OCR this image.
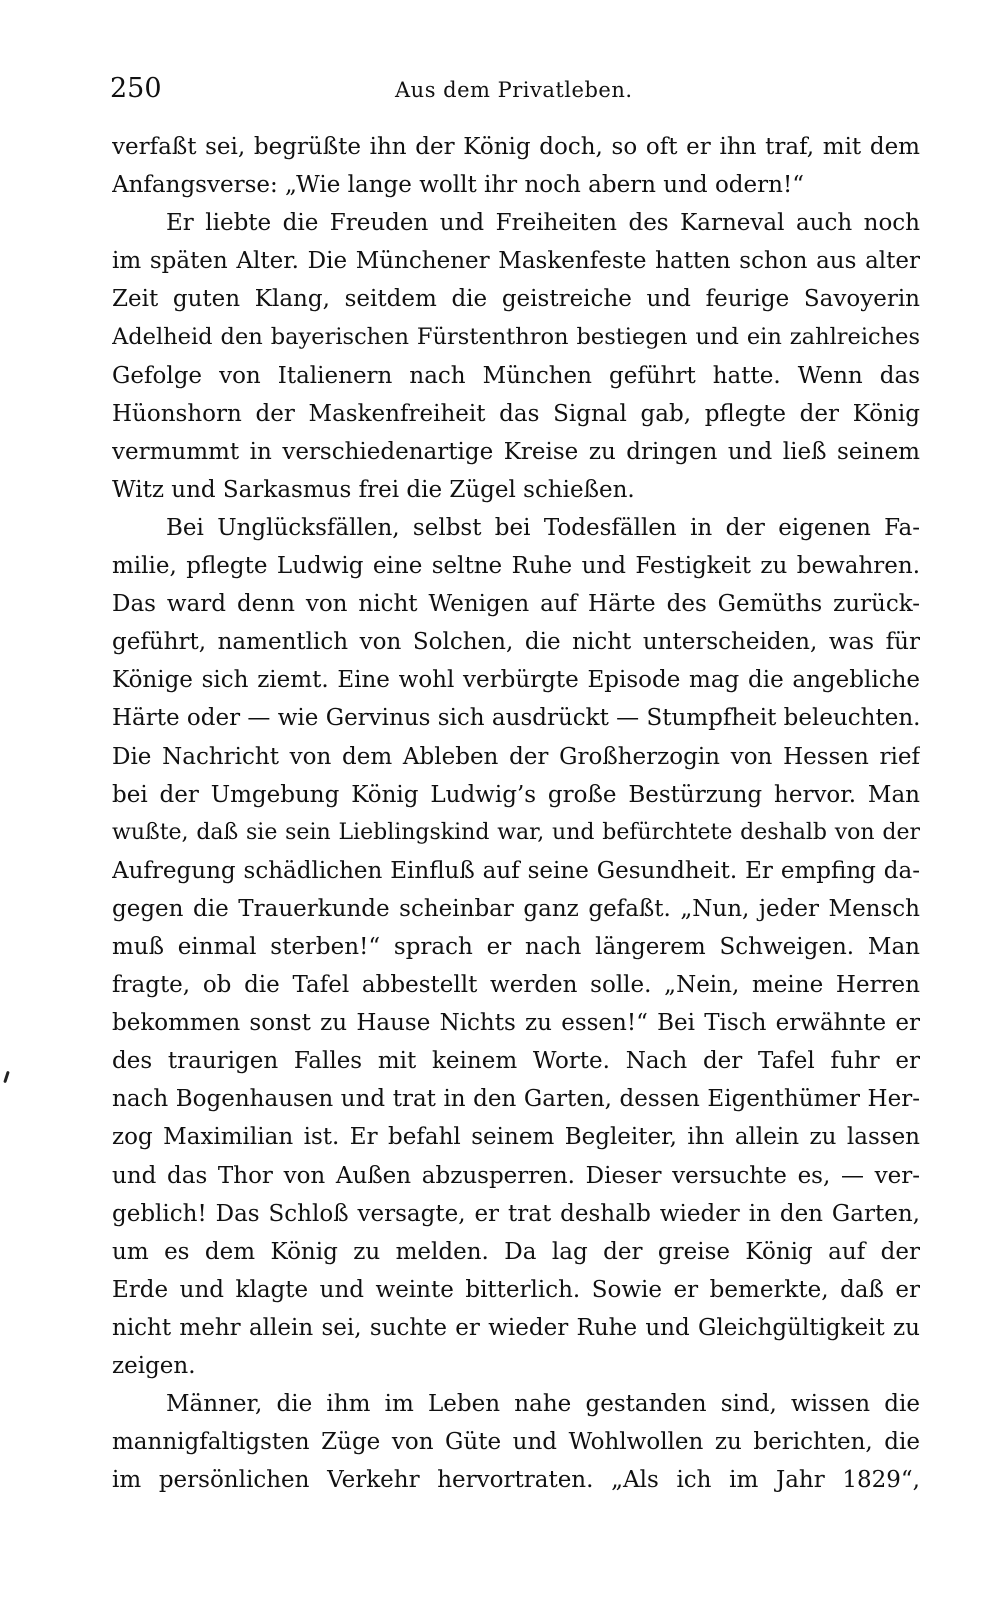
250	Aus dem Privatleben.
verfaßt sei, begrüßte ihn der König doch, so oft er ihn traf, mit dem
Anfangsverse: „Wie lange wollt ihr noch abern und odern!“
Er liebte die Freuden und Freiheiten des Karneval auch noch
im späten Alter. Die Münchener Maskenfeste hatten schon aus alter
Zeit guten Klang, seitdem die geistreiche und feurige Savoyerin
Adelheid den bayerischen Fürstenthron bestiegen und ein zahlreiches
Gefolge von Italienern nach München geführt hatte. Wenn das
Hüonshorn der Maskenfreiheit das Signal gab, pflegte der König
vermummt in verschiedenartige Kreise zu dringen und ließ seinem
Witz und Sarkasmus frei die Zügel schießen.
Bei Unglücksfällen, selbst bei Todesfällen in der eigenen Fa-
milie, pflegte Ludwig eine seltne Ruhe und Festigkeit zu bewahren.
Das ward denn von nicht Wenigen auf Härte des Gemüths zurück-
geführt, namentlich von Solchen, die nicht unterscheiden, was für
Könige sich ziemt. Eine wohl verbürgte Episode mag die angebliche
Härte oder — wie Gervinus sich ausdrückt — Stumpfheit beleuchten.
Die Nachricht von dem Ableben der Großherzogin von Hessen rief
bei der Umgebung König Ludwig’s große Bestürzung hervor. Man
wußte, daß sie sein Lieblingskind war, und befürchtete deshalb von der
Aufregung schädlichen Einfluß auf seine Gesundheit. Er empfing da-
gegen die Trauerkunde scheinbar ganz gefaßt. „Nun, jeder Mensch
muß einmal sterben!“ sprach er nach längerem Schweigen. Man
fragte, ob die Tafel abbestellt werden solle. „Nein, meine Herren
bekommen sonst zu Hause Nichts zu essen!“ Bei Tisch erwähnte er
des traurigen Falles mit keinem Worte. Nach der Tafel fuhr er
nach Bogenhausen und trat in den Garten, dessen Eigenthümer Her-
zog Maximilian ist. Er befahl seinem Begleiter, ihn allein zu lassen
und das Thor von Außen abzusperren. Dieser versuchte es, — ver-
geblich! Das Schloß versagte, er trat deshalb wieder in den Garten,
um es dem König zu melden. Da lag der greise König auf der
Erde und klagte und weinte bitterlich. Sowie er bemerkte, daß er
nicht mehr allein sei, suchte er wieder Ruhe und Gleichgültigkeit zu
zeigen.
Männer, die ihm im Leben nahe gestanden sind, wissen die
mannigfaltigsten Züge von Güte und Wohlwollen zu berichten, die
im persönlichen Verkehr hervortraten. „Als ich im Jahr 1829“,
